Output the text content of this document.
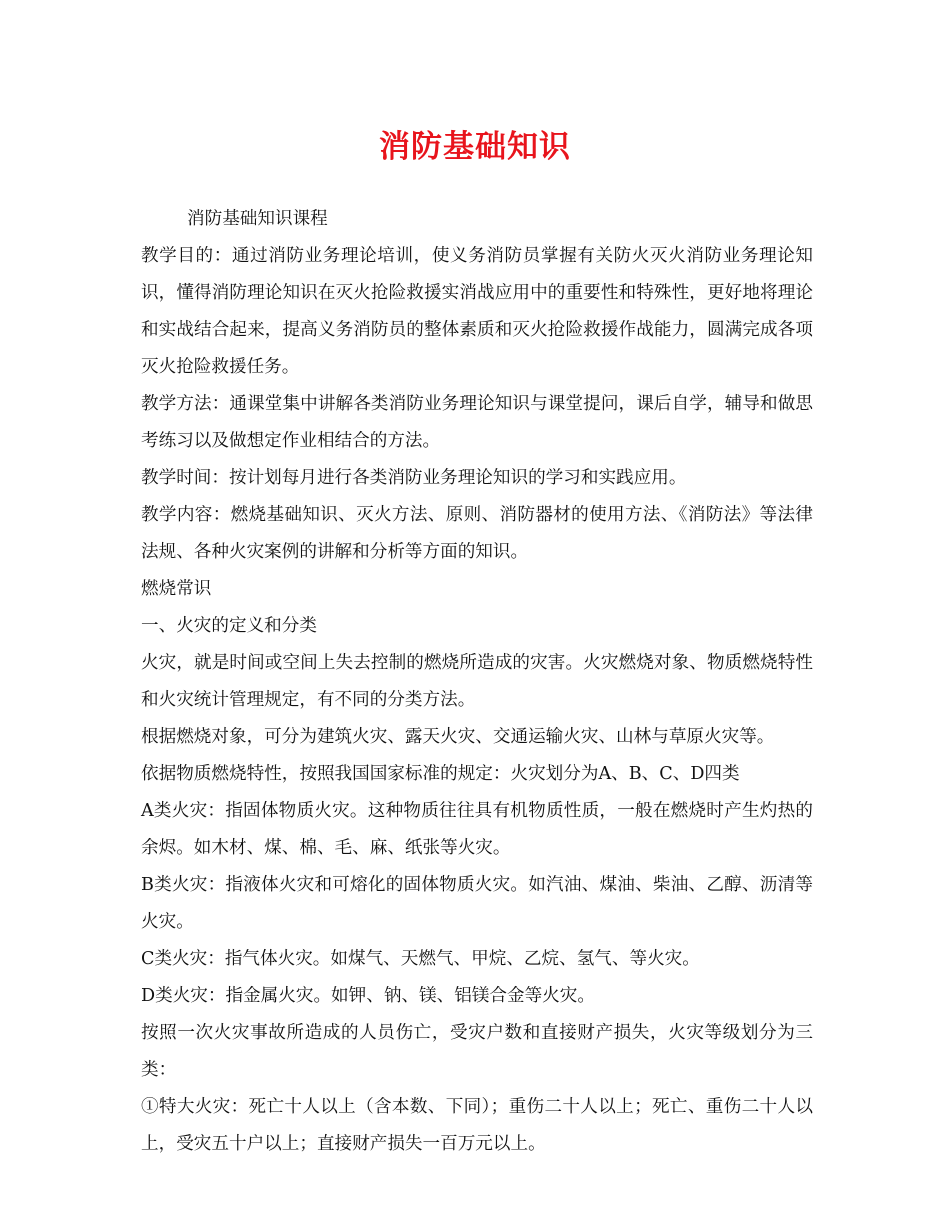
消防基础知识

消防基础知识课程

教学目的：通过消防业务理论培训，使义务消防员掌握有关防火灭火消防业务理论知识，懂得消防理论知识在灭火抢险救援实消战应用中的重要性和特殊性，更好地将理论和实战结合起来，提高义务消防员的整体素质和灭火抢险救援作战能力，圆满完成各项灭火抢险救援任务。

教学方法：通课堂集中讲解各类消防业务理论知识与课堂提问，课后自学，辅导和做思考练习以及做想定作业相结合的方法。

教学时间：按计划每月进行各类消防业务理论知识的学习和实践应用。

教学内容：燃烧基础知识、灭火方法、原则、消防器材的使用方法、《消防法》等法律法规、各种火灾案例的讲解和分析等方面的知识。

燃烧常识

一、火灾的定义和分类

火灾，就是时间或空间上失去控制的燃烧所造成的灾害。火灾燃烧对象、物质燃烧特性和火灾统计管理规定，有不同的分类方法。

根据燃烧对象，可分为建筑火灾、露天火灾、交通运输火灾、山林与草原火灾等。

依据物质燃烧特性，按照我国国家标准的规定：火灾划分为A、B、C、D四类

A类火灾：指固体物质火灾。这种物质往往具有机物质性质，一般在燃烧时产生灼热的余烬。如木材、煤、棉、毛、麻、纸张等火灾。

B类火灾：指液体火灾和可熔化的固体物质火灾。如汽油、煤油、柴油、乙醇、沥清等火灾。

C类火灾：指气体火灾。如煤气、天燃气、甲烷、乙烷、氢气、等火灾。

D类火灾：指金属火灾。如钾、钠、镁、铝镁合金等火灾。

按照一次火灾事故所造成的人员伤亡，受灾户数和直接财产损失，火灾等级划分为三类：

①特大火灾：死亡十人以上（含本数、下同）；重伤二十人以上；死亡、重伤二十人以上，受灾五十户以上；直接财产损失一百万元以上。
